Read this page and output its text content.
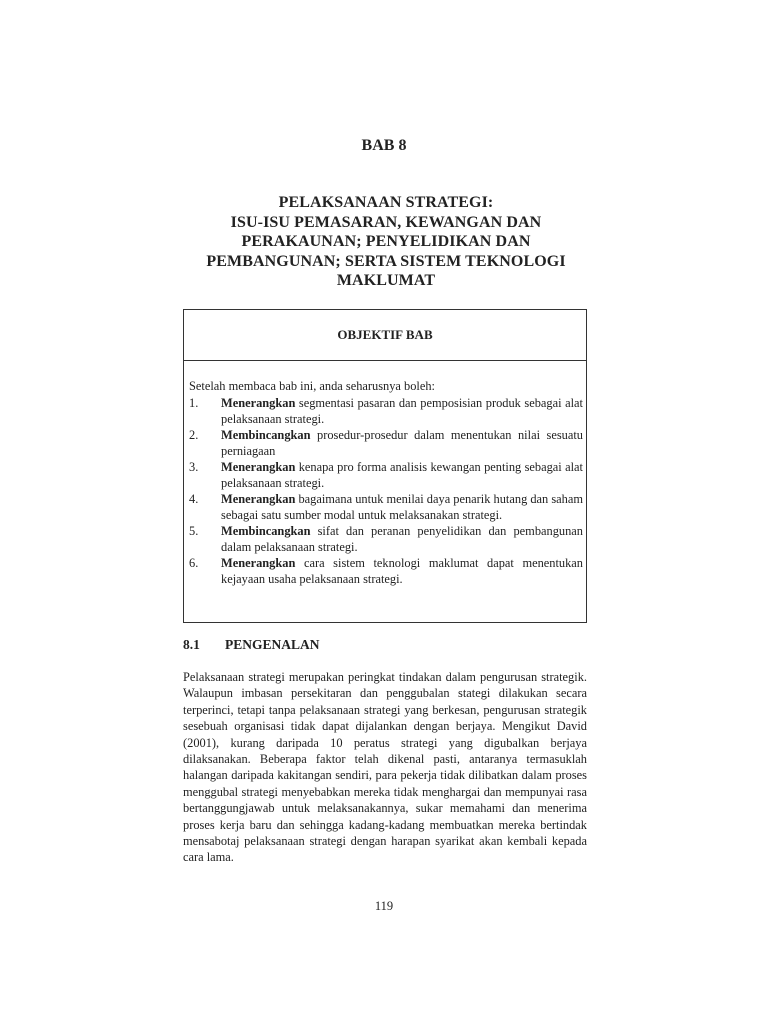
BAB 8
PELAKSANAAN STRATEGI:
ISU-ISU PEMASARAN, KEWANGAN DAN
PERAKAUNAN; PENYELIDIKAN DAN
PEMBANGUNAN; SERTA SISTEM TEKNOLOGI
MAKLUMAT
OBJEKTIF BAB
Setelah membaca bab ini, anda seharusnya boleh:
1.	Menerangkan segmentasi pasaran dan pemposisian produk sebagai alat pelaksanaan strategi.
2.	Membincangkan prosedur-prosedur dalam menentukan nilai sesuatu perniagaan
3.	Menerangkan kenapa pro forma analisis kewangan penting sebagai alat pelaksanaan strategi.
4.	Menerangkan bagaimana untuk menilai daya penarik hutang dan saham sebagai satu sumber modal untuk melaksanakan strategi.
5.	Membincangkan sifat dan peranan penyelidikan dan pembangunan dalam pelaksanaan strategi.
6.	Menerangkan cara sistem teknologi maklumat dapat menentukan kejayaan usaha pelaksanaan strategi.
8.1 PENGENALAN
Pelaksanaan strategi merupakan peringkat tindakan dalam pengurusan strategik. Walaupun imbasan persekitaran dan penggubalan stategi dilakukan secara terperinci, tetapi tanpa pelaksanaan strategi yang berkesan, pengurusan strategik sesebuah organisasi tidak dapat dijalankan dengan berjaya. Mengikut David (2001), kurang daripada 10 peratus strategi yang digubalkan berjaya dilaksanakan. Beberapa faktor telah dikenal pasti, antaranya termasuklah halangan daripada kakitangan sendiri, para pekerja tidak dilibatkan dalam proses menggubal strategi menyebabkan mereka tidak menghargai dan mempunyai rasa bertanggungjawab untuk melaksanakannya, sukar memahami dan menerima proses kerja baru dan sehingga kadang-kadang membuatkan mereka bertindak mensabotaj pelaksanaan strategi dengan harapan syarikat akan kembali kepada cara lama.
119
